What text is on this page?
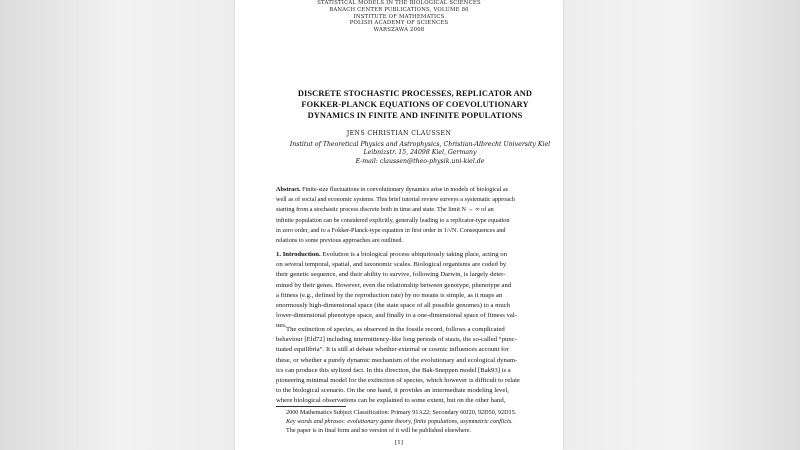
STATISTICAL MODELS IN THE BIOLOGICAL SCIENCES
BANACH CENTER PUBLICATIONS, VOLUME 80
INSTITUTE OF MATHEMATICS
POLISH ACADEMY OF SCIENCES
WARSZAWA 2008
DISCRETE STOCHASTIC PROCESSES, REPLICATOR AND
FOKKER-PLANCK EQUATIONS OF COEVOLUTIONARY
DYNAMICS IN FINITE AND INFINITE POPULATIONS
JENS CHRISTIAN CLAUSSEN
Institut of Theoretical Physics and Astrophysics, Christian-Albrecht University Kiel
Leibnizstr. 15, 24098 Kiel, Germany
E-mail: claussen@theo-physik.uni-kiel.de
Abstract. Finite-size fluctuations in coevolutionary dynamics arise in models of biological as
well as of social and economic systems. This brief tutorial review surveys a systematic approach
starting from a stochastic process discrete both in time and state. The limit N → ∞ of an
infinite population can be considered explicitly, generally leading to a replicator-type equation
in zero order, and to a Fokker-Planck-type equation in first order in 1/√N. Consequences and
relations to some previous approaches are outlined.
1. Introduction. Evolution is a biological process ubiquitously taking place, acting on
on several temporal, spatial, and taxonomic scales. Biological organisms are coded by
their genetic sequence, and their ability to survive, following Darwin, is largely deter-
mined by their genes. However, even the relationship between genotype, phenotype and
a fitness (e.g., defined by the reproduction rate) by no means is simple, as it maps an
enormously high-dimensional space (the state space of all possible genomes) to a much
lower-dimensional phenotype space, and finally to a one-dimensional space of fitness val-
ues.
The extinction of species, as observed in the fossile record, follows a complicated
behaviour [Eld72] including intermittency-like long periods of stasis, the so-called “punc-
tuated equilibria”. It is still at debate whether external or cosmic influences account for
these, or whether a purely dynamic mechanism of the evolutionary and ecological dynam-
ics can produce this stylized fact. In this direction, the Bak-Sneppen model [Bak93] is a
pioneering minimal model for the extinction of species, which however is difficult to relate
to the biological scenario. On the one hand, it provides an intermediate modeling level,
where biological observations can be explained to some extent, but on the other hand,
2000 Mathematics Subject Classification: Primary 91A22; Secondary 60J20, 92D50, 92D15.
Key words and phrases: evolutionary game theory, finite populations, asymmetric conflicts.
The paper is in final form and no version of it will be published elsewhere.
[1]
